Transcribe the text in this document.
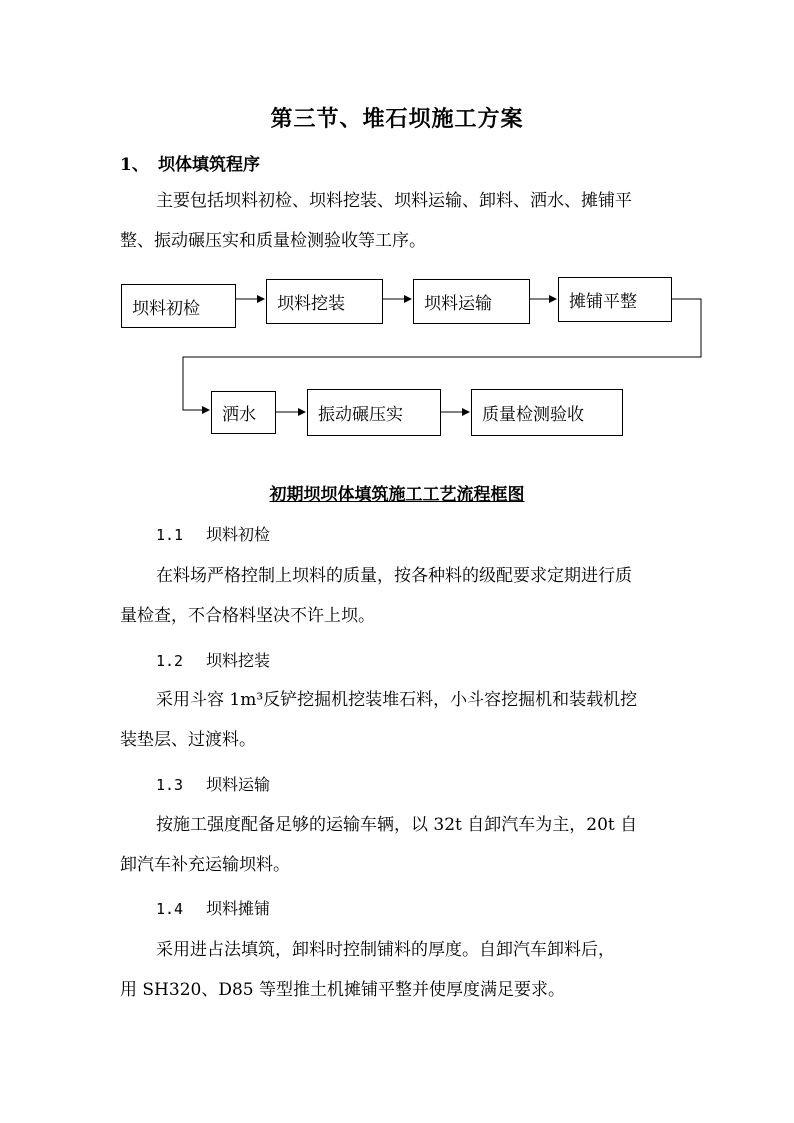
第三节、堆石坝施工方案
1、 坝体填筑程序
主要包括坝料初检、坝料挖装、坝料运输、卸料、洒水、摊铺平
整、振动碾压实和质量检测验收等工序。
坝料初检	坝料挖装	坝料运输	摊铺平整
洒水	振动碾压实	质量检测验收
初期坝坝体填筑施工工艺流程框图
1.1 坝料初检
在料场严格控制上坝料的质量，按各种料的级配要求定期进行质
量检查，不合格料坚决不许上坝。
1.2 坝料挖装
采用斗容 1m³反铲挖掘机挖装堆石料，小斗容挖掘机和装载机挖
装垫层、过渡料。
1.3 坝料运输
按施工强度配备足够的运输车辆，以 32t 自卸汽车为主，20t 自
卸汽车补充运输坝料。
1.4 坝料摊铺
采用进占法填筑，卸料时控制铺料的厚度。自卸汽车卸料后，
用 SH320、D85 等型推土机摊铺平整并使厚度满足要求。
